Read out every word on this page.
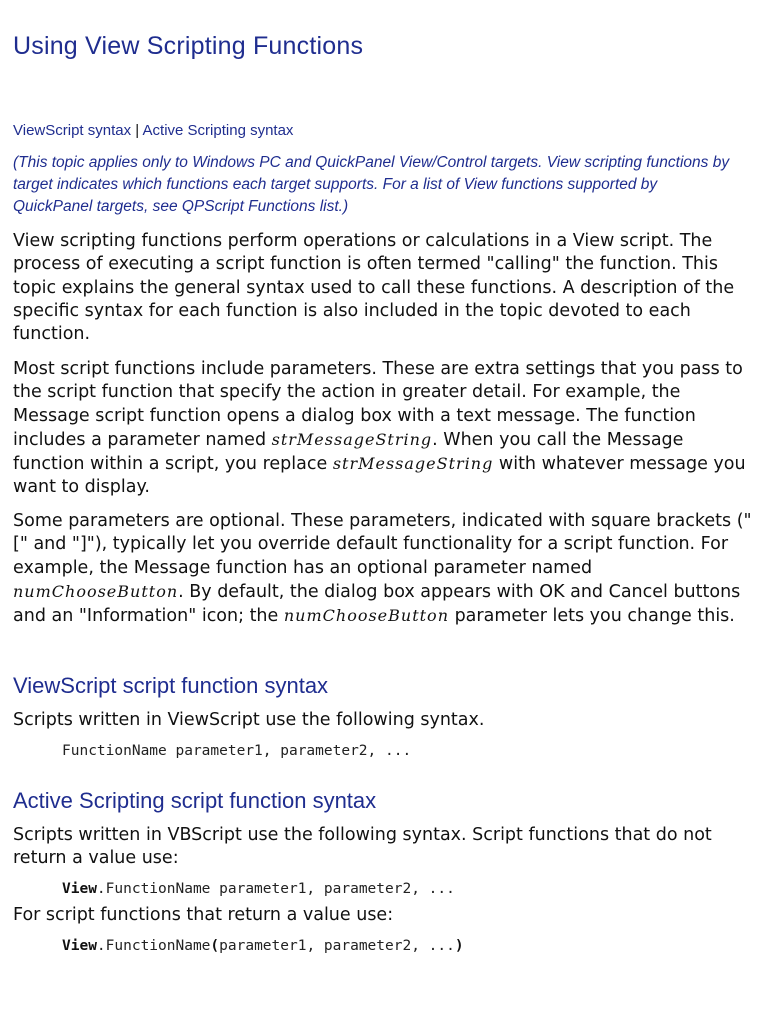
Using View Scripting Functions
ViewScript syntax | Active Scripting syntax
(This topic applies only to Windows PC and QuickPanel View/Control targets. View scripting functions by target indicates which functions each target supports. For a list of View functions supported by QuickPanel targets, see QPScript Functions list.)
View scripting functions perform operations or calculations in a View script. The process of executing a script function is often termed "calling" the function. This topic explains the general syntax used to call these functions. A description of the specific syntax for each function is also included in the topic devoted to each function.
Most script functions include parameters. These are extra settings that you pass to the script function that specify the action in greater detail. For example, the Message script function opens a dialog box with a text message. The function includes a parameter named strMessageString. When you call the Message function within a script, you replace strMessageString with whatever message you want to display.
Some parameters are optional. These parameters, indicated with square brackets ("[" and "]"), typically let you override default functionality for a script function. For example, the Message function has an optional parameter named numChooseButton. By default, the dialog box appears with OK and Cancel buttons and an "Information" icon; the numChooseButton parameter lets you change this.
ViewScript script function syntax
Scripts written in ViewScript use the following syntax.
FunctionName parameter1, parameter2, ...
Active Scripting script function syntax
Scripts written in VBScript use the following syntax. Script functions that do not return a value use:
View.FunctionName parameter1, parameter2, ...
For script functions that return a value use:
View.FunctionName(parameter1, parameter2, ...)
